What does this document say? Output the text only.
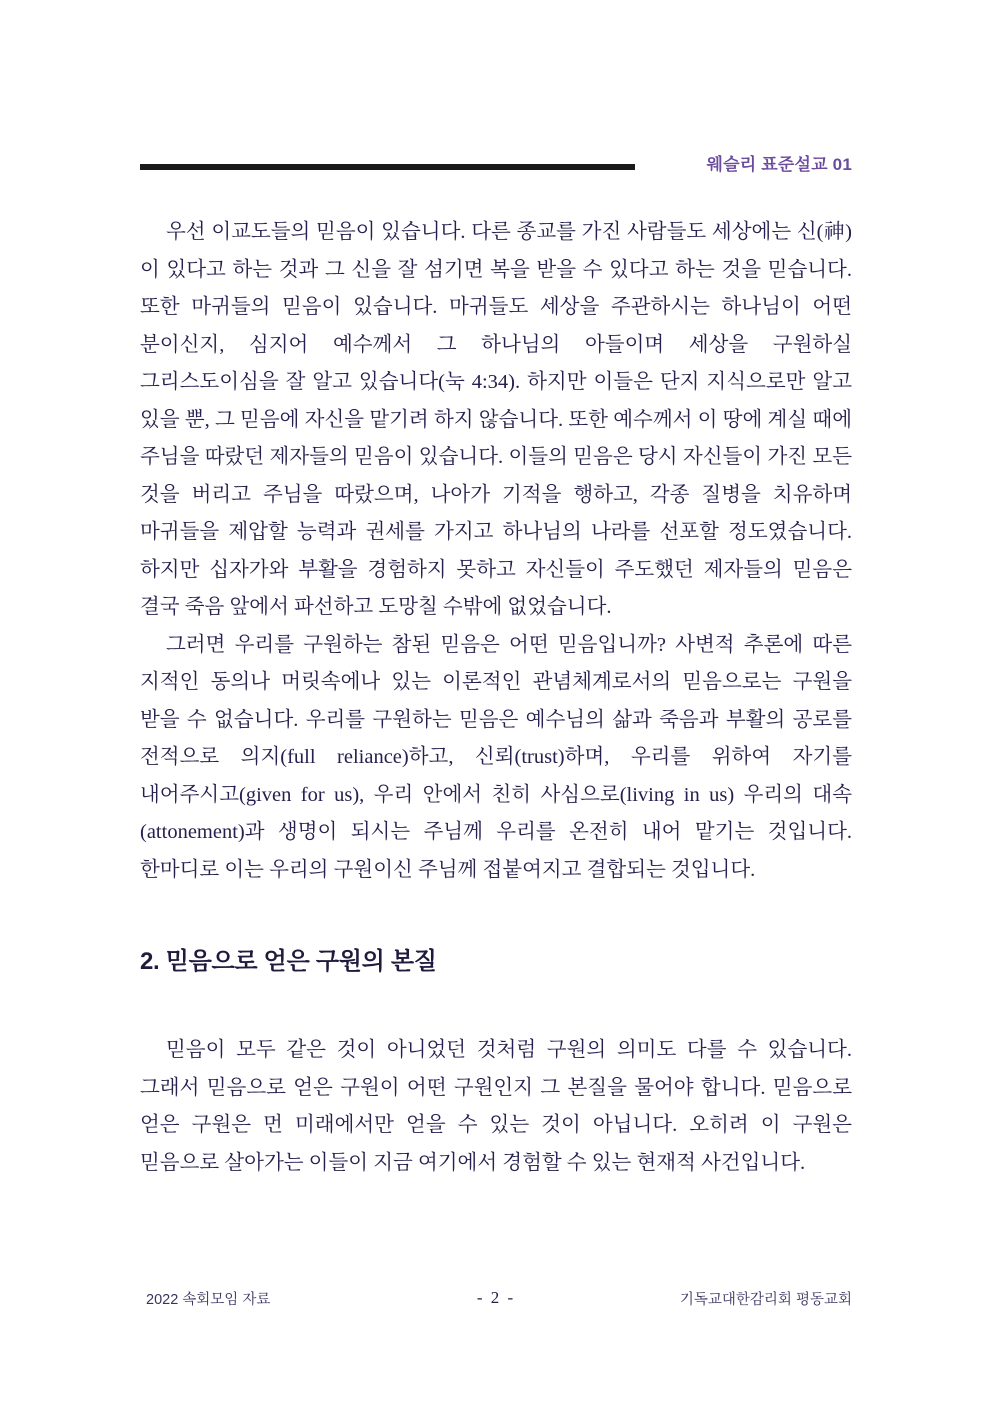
웨슬리 표준설교 01

우선 이교도들의 믿음이 있습니다. 다른 종교를 가진 사람들도 세상에는 신(神)이 있다고 하는 것과 그 신을 잘 섬기면 복을 받을 수 있다고 하는 것을 믿습니다. 또한 마귀들의 믿음이 있습니다. 마귀들도 세상을 주관하시는 하나님이 어떤 분이신지, 심지어 예수께서 그 하나님의 아들이며 세상을 구원하실 그리스도이심을 잘 알고 있습니다(눅 4:34). 하지만 이들은 단지 지식으로만 알고 있을 뿐, 그 믿음에 자신을 맡기려 하지 않습니다. 또한 예수께서 이 땅에 계실 때에 주님을 따랐던 제자들의 믿음이 있습니다. 이들의 믿음은 당시 자신들이 가진 모든 것을 버리고 주님을 따랐으며, 나아가 기적을 행하고, 각종 질병을 치유하며 마귀들을 제압할 능력과 권세를 가지고 하나님의 나라를 선포할 정도였습니다. 하지만 십자가와 부활을 경험하지 못하고 자신들이 주도했던 제자들의 믿음은 결국 죽음 앞에서 파선하고 도망칠 수밖에 없었습니다.

그러면 우리를 구원하는 참된 믿음은 어떤 믿음입니까? 사변적 추론에 따른 지적인 동의나 머릿속에나 있는 이론적인 관념체계로서의 믿음으로는 구원을 받을 수 없습니다. 우리를 구원하는 믿음은 예수님의 삶과 죽음과 부활의 공로를 전적으로 의지(full reliance)하고, 신뢰(trust)하며, 우리를 위하여 자기를 내어주시고(given for us), 우리 안에서 친히 사심으로(living in us) 우리의 대속(attonement)과 생명이 되시는 주님께 우리를 온전히 내어 맡기는 것입니다. 한마디로 이는 우리의 구원이신 주님께 접붙여지고 결합되는 것입니다.

2. 믿음으로 얻은 구원의 본질

믿음이 모두 같은 것이 아니었던 것처럼 구원의 의미도 다를 수 있습니다. 그래서 믿음으로 얻은 구원이 어떤 구원인지 그 본질을 물어야 합니다. 믿음으로 얻은 구원은 먼 미래에서만 얻을 수 있는 것이 아닙니다. 오히려 이 구원은 믿음으로 살아가는 이들이 지금 여기에서 경험할 수 있는 현재적 사건입니다.

2022 속회모임 자료	- 2 -	기독교대한감리회 평동교회
